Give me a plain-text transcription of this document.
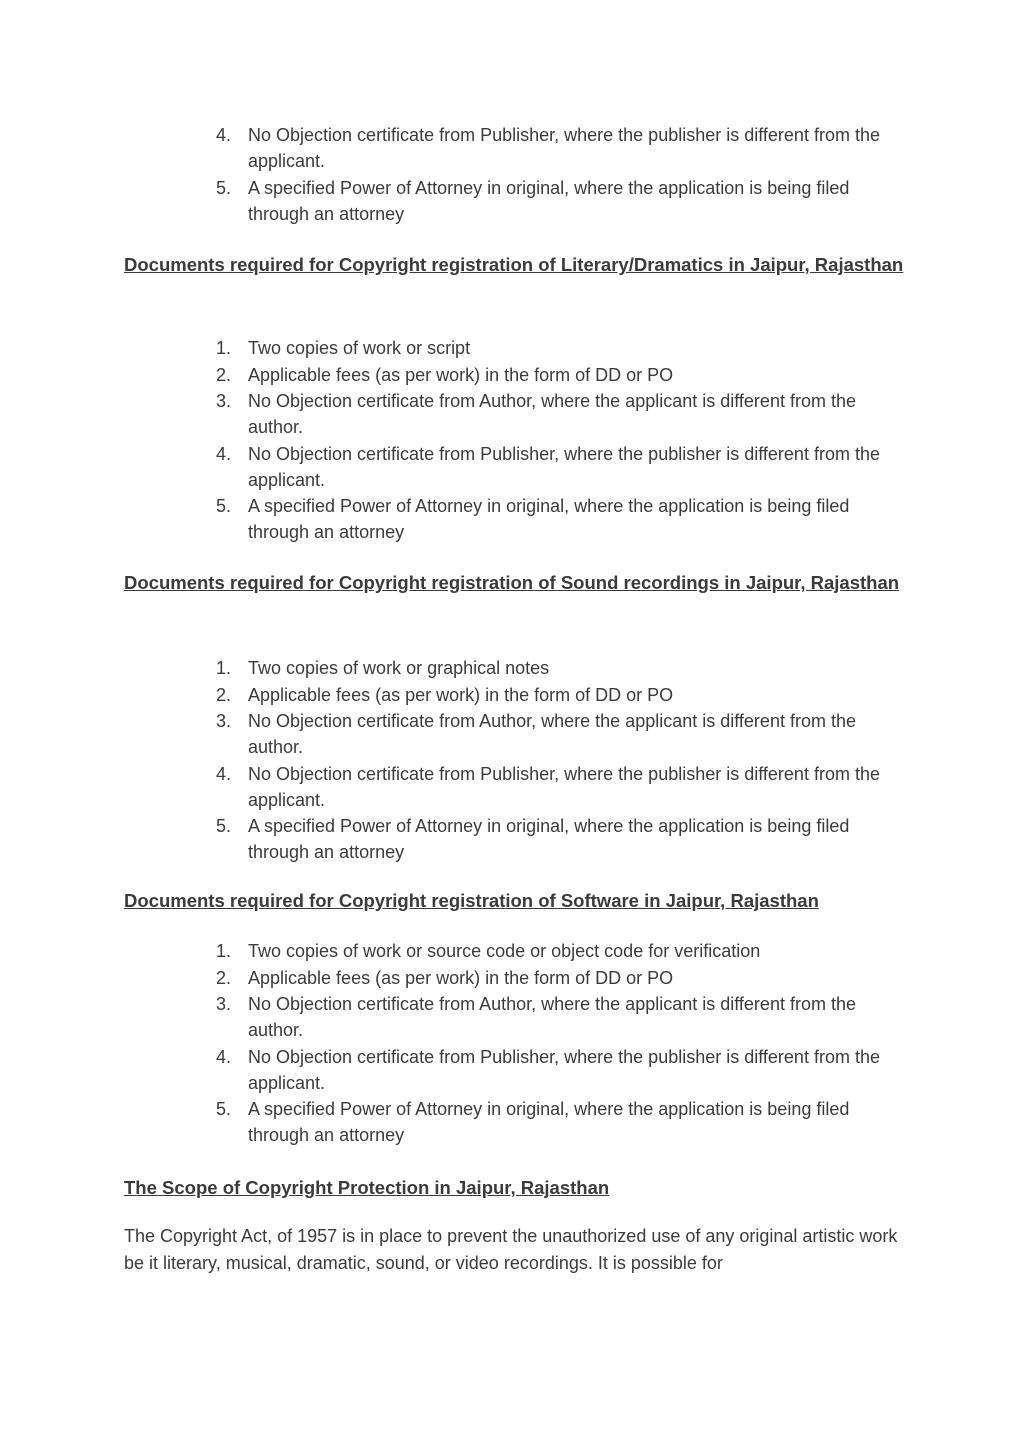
4. No Objection certificate from Publisher, where the publisher is different from the applicant.
5. A specified Power of Attorney in original, where the application is being filed through an attorney
Documents required for Copyright registration of Literary/Dramatics in Jaipur, Rajasthan
1. Two copies of work or script
2. Applicable fees (as per work) in the form of DD or PO
3. No Objection certificate from Author, where the applicant is different from the author.
4. No Objection certificate from Publisher, where the publisher is different from the applicant.
5. A specified Power of Attorney in original, where the application is being filed through an attorney
Documents required for Copyright registration of Sound recordings in Jaipur, Rajasthan
1. Two copies of work or graphical notes
2. Applicable fees (as per work) in the form of DD or PO
3. No Objection certificate from Author, where the applicant is different from the author.
4. No Objection certificate from Publisher, where the publisher is different from the applicant.
5. A specified Power of Attorney in original, where the application is being filed through an attorney
Documents required for Copyright registration of Software in Jaipur, Rajasthan
1. Two copies of work or source code or object code for verification
2. Applicable fees (as per work) in the form of DD or PO
3. No Objection certificate from Author, where the applicant is different from the author.
4. No Objection certificate from Publisher, where the publisher is different from the applicant.
5. A specified Power of Attorney in original, where the application is being filed through an attorney
The Scope of Copyright Protection in Jaipur, Rajasthan

The Copyright Act, of 1957 is in place to prevent the unauthorized use of any original artistic work be it literary, musical, dramatic, sound, or video recordings. It is possible for
